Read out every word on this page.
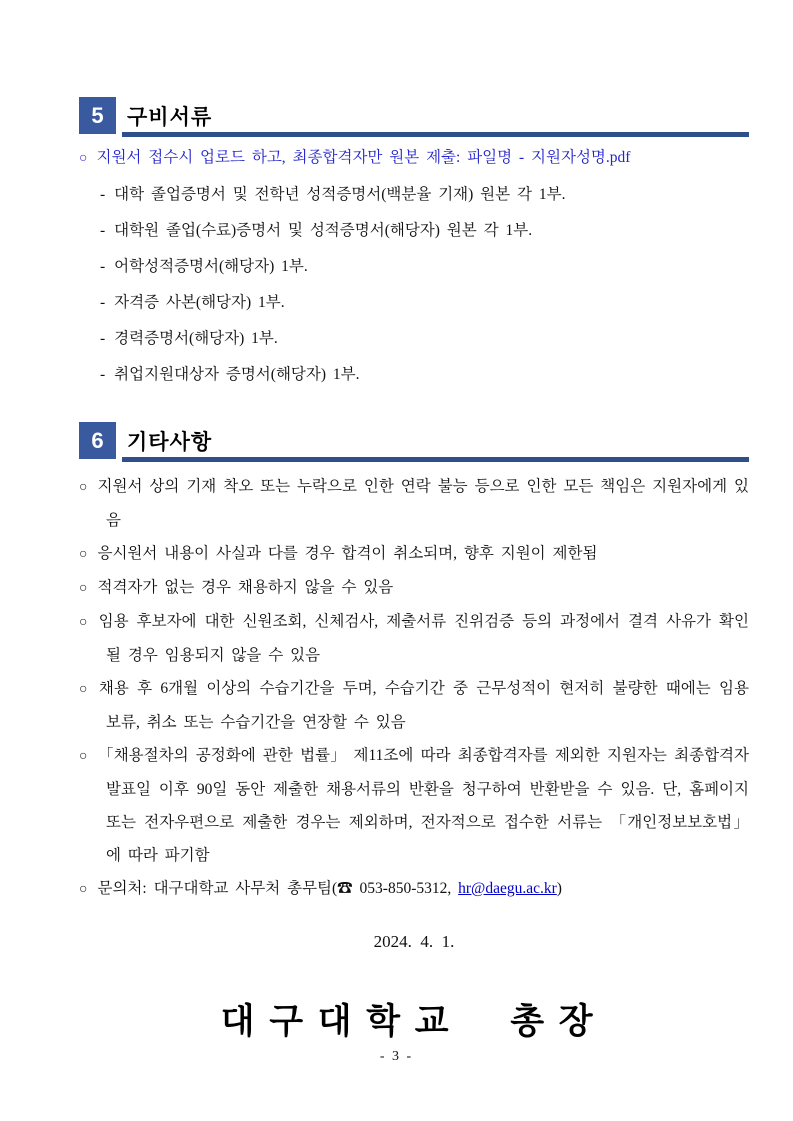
5	구비서류
○ 지원서 접수시 업로드 하고, 최종합격자만 원본 제출: 파일명 - 지원자성명.pdf
- 대학 졸업증명서 및 전학년 성적증명서(백분율 기재) 원본 각 1부.
- 대학원 졸업(수료)증명서 및 성적증명서(해당자) 원본 각 1부.
- 어학성적증명서(해당자) 1부.
- 자격증 사본(해당자) 1부.
- 경력증명서(해당자) 1부.
- 취업지원대상자 증명서(해당자) 1부.
6	기타사항

○ 지원서 상의 기재 착오 또는 누락으로 인한 연락 불능 등으로 인한 모든 책임은 지원자에게 있음

○ 응시원서 내용이 사실과 다를 경우 합격이 취소되며, 향후 지원이 제한됨

○ 적격자가 없는 경우 채용하지 않을 수 있음

○ 임용 후보자에 대한 신원조회, 신체검사, 제출서류 진위검증 등의 과정에서 결격 사유가 확인될 경우 임용되지 않을 수 있음

○ 채용 후 6개월 이상의 수습기간을 두며, 수습기간 중 근무성적이 현저히 불량한 때에는 임용 보류, 취소 또는 수습기간을 연장할 수 있음

○ 「채용절차의 공정화에 관한 법률」 제11조에 따라 최종합격자를 제외한 지원자는 최종합격자 발표일 이후 90일 동안 제출한 채용서류의 반환을 청구하여 반환받을 수 있음. 단, 홈페이지 또는 전자우편으로 제출한 경우는 제외하며, 전자적으로 접수한 서류는 「개인정보보호법」에 따라 파기함

○ 문의처: 대구대학교 사무처 총무팀(☎ 053-850-5312, hr@daegu.ac.kr)

2024.  4.  1.
대구대학교  총장
- 3 -
